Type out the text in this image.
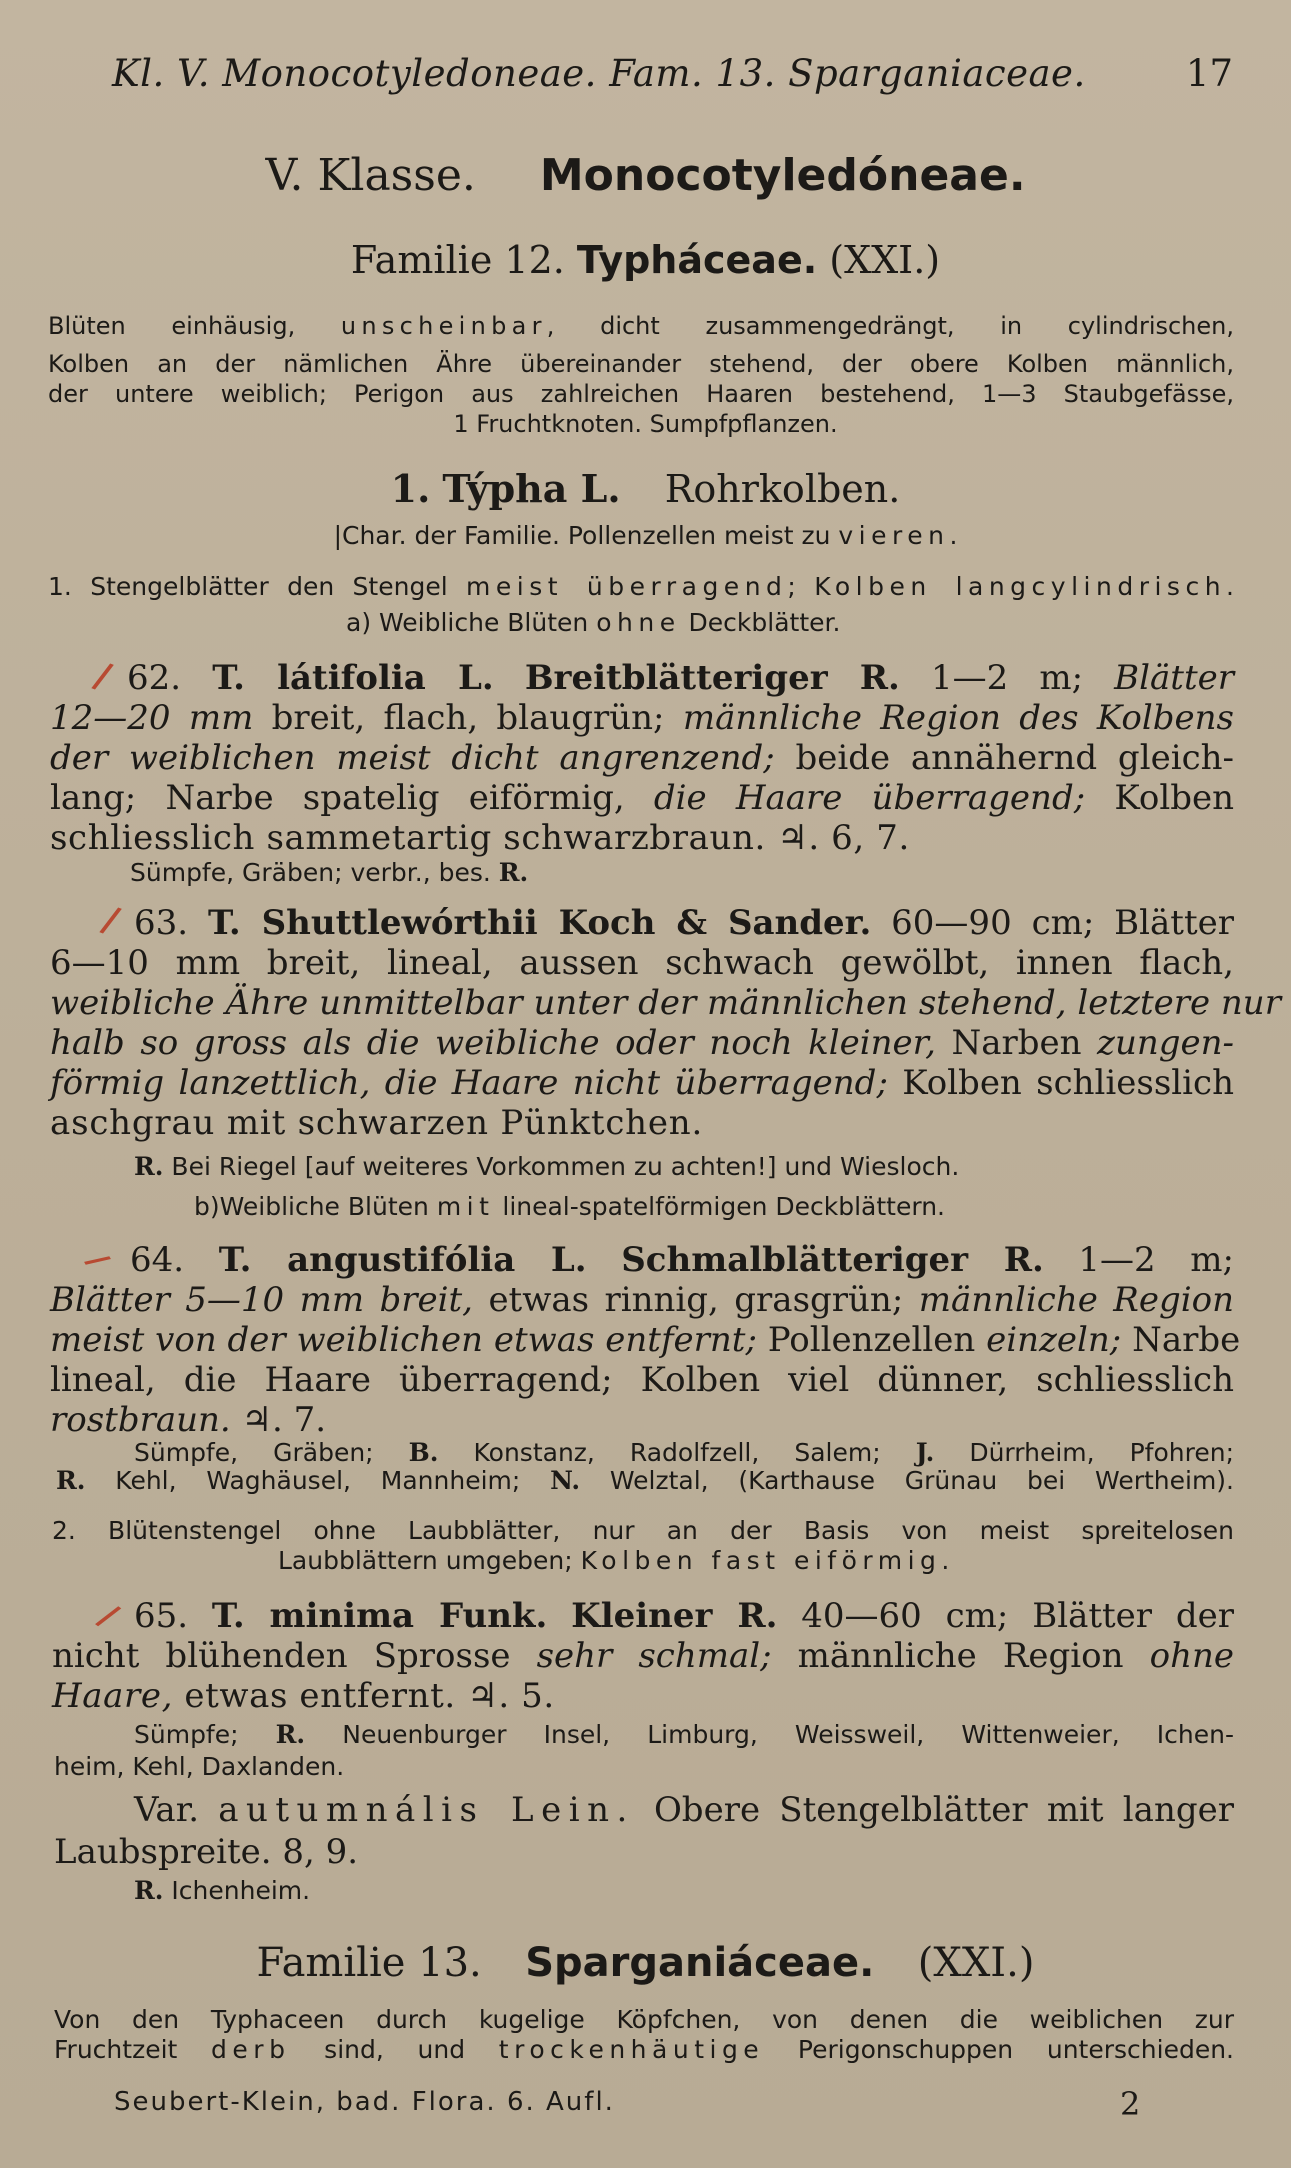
Kl. V. Monocotyledoneae. Fam. 13. Sparganiaceae.	17
V. Klasse. Monocotyledóneae.
Familie 12. Typháceae. (XXI.)
Blüten einhäusig, unscheinbar, dicht zusammengedrängt, in cylindrischen,
Kolben an der nämlichen Ähre übereinander stehend, der obere Kolben männlich,
der untere weiblich; Perigon aus zahlreichen Haaren bestehend, 1—3 Staubgefässe,
1 Fruchtknoten. Sumpfpflanzen.
1. Týpha L. Rohrkolben.
|Char. der Familie. Pollenzellen meist zu vieren.
1. Stengelblätter den Stengel meist überragend; Kolben langcylindrisch.
a) Weibliche Blüten ohne Deckblätter.
/ 62. T. látifolia L. Breitblätteriger R. 1—2 m; Blätter
12—20 mm breit, flach, blaugrün; männliche Region des Kolbens
der weiblichen meist dicht angrenzend; beide annähernd gleich-
lang; Narbe spatelig eiförmig, die Haare überragend; Kolben
schliesslich sammetartig schwarzbraun. ♃. 6, 7.
Sümpfe, Gräben; verbr., bes. R.
/ 63. T. Shuttlewórthii Koch & Sander. 60—90 cm; Blätter
6—10 mm breit, lineal, aussen schwach gewölbt, innen flach,
weibliche Ähre unmittelbar unter der männlichen stehend, letztere nur
halb so gross als die weibliche oder noch kleiner, Narben zungen-
förmig lanzettlich, die Haare nicht überragend; Kolben schliesslich
aschgrau mit schwarzen Pünktchen.
R. Bei Riegel [auf weiteres Vorkommen zu achten!] und Wiesloch.
b)Weibliche Blüten mit lineal-spatelförmigen Deckblättern.
/ 64. T. angustifólia L. Schmalblätteriger R. 1—2 m;
Blätter 5—10 mm breit, etwas rinnig, grasgrün; männliche Region
meist von der weiblichen etwas entfernt; Pollenzellen einzeln; Narbe
lineal, die Haare überragend; Kolben viel dünner, schliesslich
rostbraun. ♃. 7.
Sümpfe, Gräben; B. Konstanz, Radolfzell, Salem; J. Dürrheim, Pfohren;
R. Kehl, Waghäusel, Mannheim; N. Welztal, (Karthause Grünau bei Wertheim).
2. Blütenstengel ohne Laubblätter, nur an der Basis von meist spreitelosen
Laubblättern umgeben; Kolben fast eiförmig.
/ 65. T. minima Funk. Kleiner R. 40—60 cm; Blätter der
nicht blühenden Sprosse sehr schmal; männliche Region ohne
Haare, etwas entfernt. ♃. 5.
Sümpfe; R. Neuenburger Insel, Limburg, Weissweil, Wittenweier, Ichen-
heim, Kehl, Daxlanden.
Var. autumnális Lein. Obere Stengelblätter mit langer
Laubspreite. 8, 9.
R. Ichenheim.
Familie 13. Sparganiáceae. (XXI.)
Von den Typhaceen durch kugelige Köpfchen, von denen die weiblichen zur
Fruchtzeit derb sind, und trockenhäutige Perigonschuppen unterschieden.
Seubert-Klein, bad. Flora. 6. Aufl.	2
